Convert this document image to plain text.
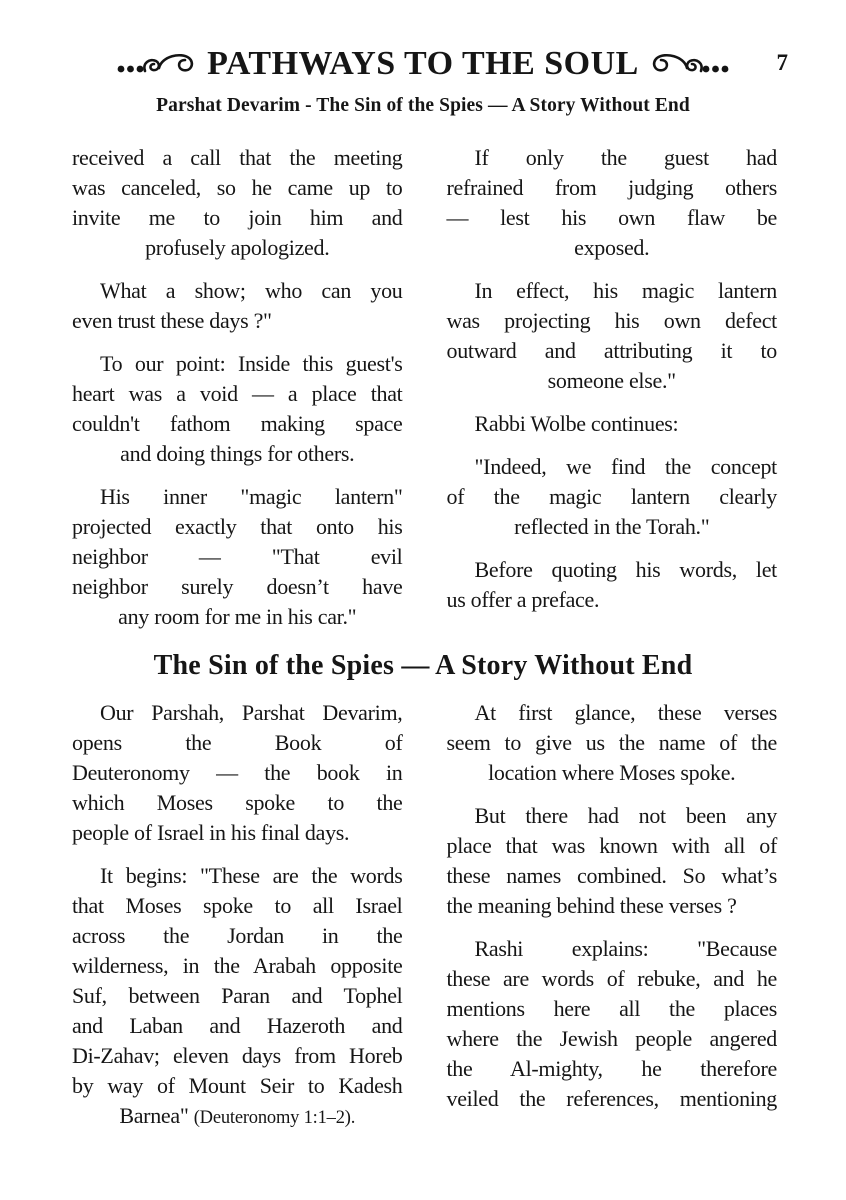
PATHWAYS TO THE SOUL	7
Parshat Devarim - The Sin of the Spies — A Story Without End
received a call that the meeting
was canceled, so he came up to
invite me to join him and
profusely apologized.
What a show; who can you
even trust these days ?"
To our point: Inside this guest's
heart was a void — a place that
couldn't fathom making space
and doing things for others.
His inner "magic lantern"
projected exactly that onto his
neighbor — "That evil
neighbor surely doesn’t have
any room for me in his car."
If only the guest had
refrained from judging others
— lest his own flaw be
exposed.
In effect, his magic lantern
was projecting his own defect
outward and attributing it to
someone else."
Rabbi Wolbe continues:
"Indeed, we find the concept
of the magic lantern clearly
reflected in the Torah."
Before quoting his words, let
us offer a preface.
The Sin of the Spies — A Story Without End
Our Parshah, Parshat Devarim,
opens the Book of
Deuteronomy — the book in
which Moses spoke to the
people of Israel in his final days.
It begins: "These are the words
that Moses spoke to all Israel
across the Jordan in the
wilderness, in the Arabah opposite
Suf, between Paran and Tophel
and Laban and Hazeroth and
Di-Zahav; eleven days from Horeb
by way of Mount Seir to Kadesh
Barnea" (Deuteronomy 1:1–2).
At first glance, these verses
seem to give us the name of the
location where Moses spoke.
But there had not been any
place that was known with all of
these names combined. So what’s
the meaning behind these verses ?
Rashi explains: "Because
these are words of rebuke, and he
mentions here all the places
where the Jewish people angered
the Al-mighty, he therefore
veiled the references, mentioning
